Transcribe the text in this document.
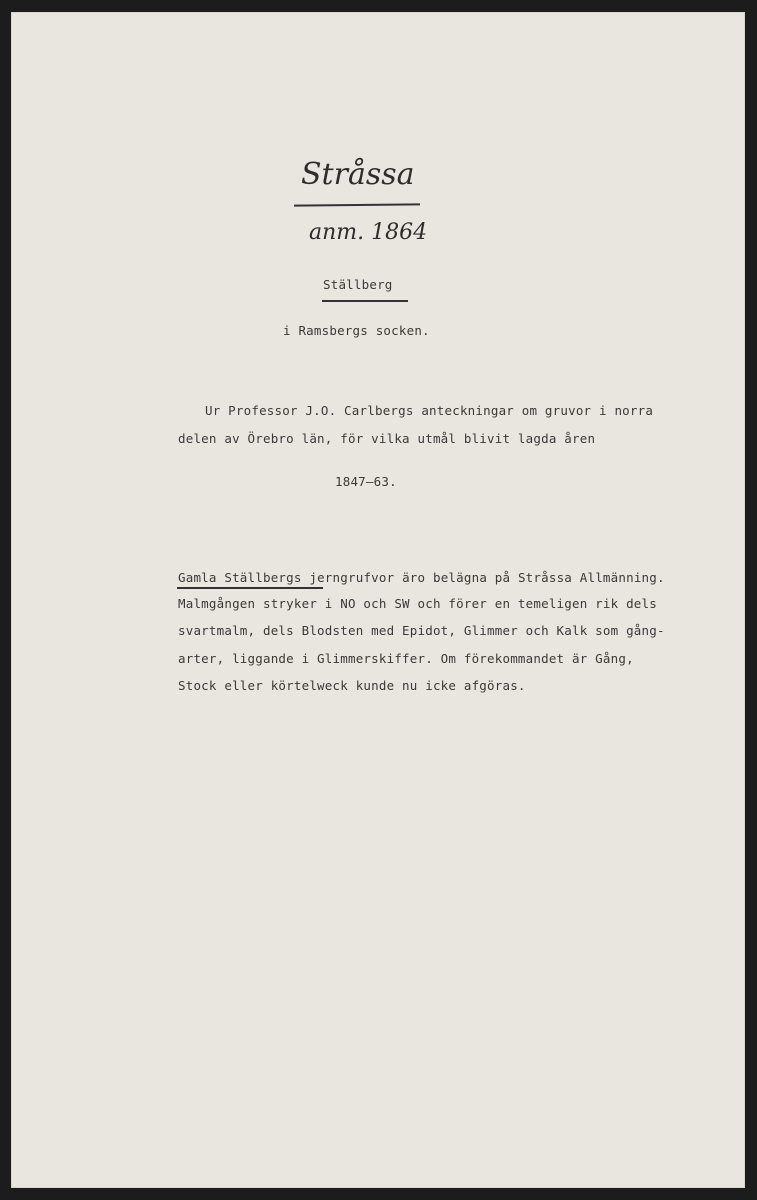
Stråssa
anm. 1864
Ställberg
i Ramsbergs socken.
Ur Professor J.O. Carlbergs anteckningar om gruvor i norra
delen av Örebro län, för vilka utmål blivit lagda åren
1847–63.
Gamla Ställbergs jerngrufvor äro belägna på Stråssa Allmänning.
Malmgången stryker i NO och SW och förer en temeligen rik dels
svartmalm, dels Blodsten med Epidot, Glimmer och Kalk som gång-
arter, liggande i Glimmerskiffer. Om förekommandet är Gång,
Stock eller körtelweck kunde nu icke afgöras.
